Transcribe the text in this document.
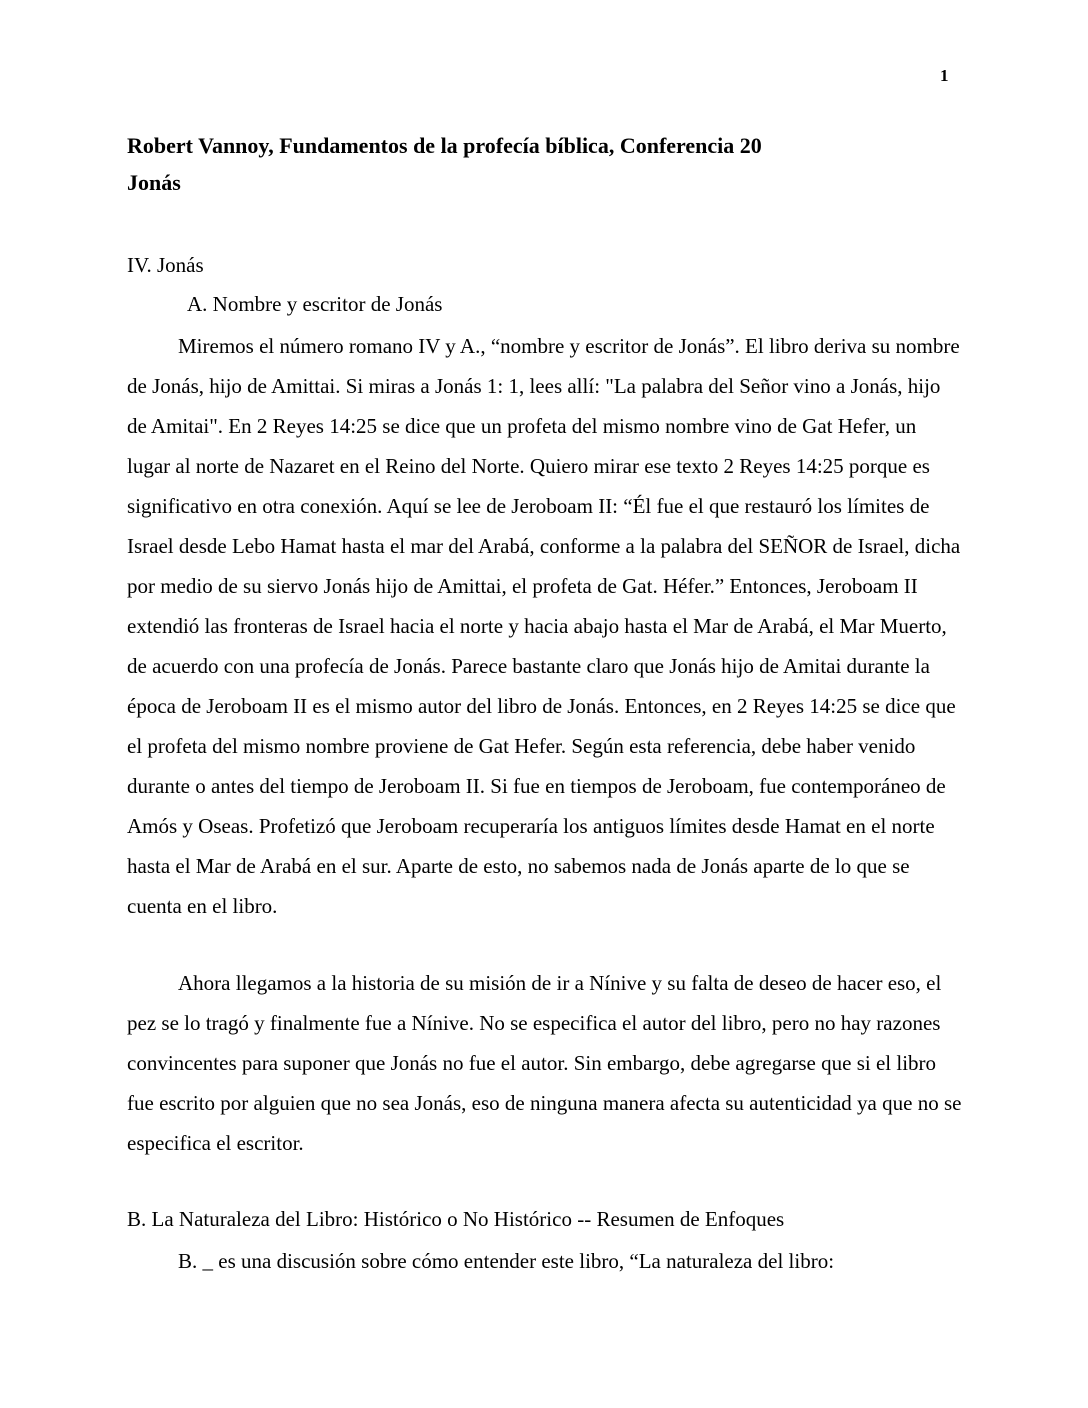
1
Robert Vannoy, Fundamentos de la profecía bíblica, Conferencia 20
Jonás
IV. Jonás
A. Nombre y escritor de Jonás

Miremos el número romano IV y A., “nombre y escritor de Jonás”. El libro deriva su nombre de Jonás, hijo de Amittai. Si miras a Jonás 1: 1, lees allí: "La palabra del Señor vino a Jonás, hijo de Amitai". En 2 Reyes 14:25 se dice que un profeta del mismo nombre vino de Gat Hefer, un lugar al norte de Nazaret en el Reino del Norte. Quiero mirar ese texto 2 Reyes 14:25 porque es significativo en otra conexión. Aquí se lee de Jeroboam II: “Él fue el que restauró los límites de Israel desde Lebo Hamat hasta el mar del Arabá, conforme a la palabra del SEÑOR de Israel, dicha por medio de su siervo Jonás hijo de Amittai, el profeta de Gat. Héfer.” Entonces, Jeroboam II extendió las fronteras de Israel hacia el norte y hacia abajo hasta el Mar de Arabá, el Mar Muerto, de acuerdo con una profecía de Jonás. Parece bastante claro que Jonás hijo de Amitai durante la época de Jeroboam II es el mismo autor del libro de Jonás. Entonces, en 2 Reyes 14:25 se dice que el profeta del mismo nombre proviene de Gat Hefer. Según esta referencia, debe haber venido durante o antes del tiempo de Jeroboam II. Si fue en tiempos de Jeroboam, fue contemporáneo de Amós y Oseas. Profetizó que Jeroboam recuperaría los antiguos límites desde Hamat en el norte hasta el Mar de Arabá en el sur. Aparte de esto, no sabemos nada de Jonás aparte de lo que se cuenta en el libro.

Ahora llegamos a la historia de su misión de ir a Nínive y su falta de deseo de hacer eso, el pez se lo tragó y finalmente fue a Nínive. No se especifica el autor del libro, pero no hay razones convincentes para suponer que Jonás no fue el autor. Sin embargo, debe agregarse que si el libro fue escrito por alguien que no sea Jonás, eso de ninguna manera afecta su autenticidad ya que no se especifica el escritor.

B. La Naturaleza del Libro: Histórico o No Histórico -- Resumen de Enfoques

B. _ es una discusión sobre cómo entender este libro, “La naturaleza del libro:
